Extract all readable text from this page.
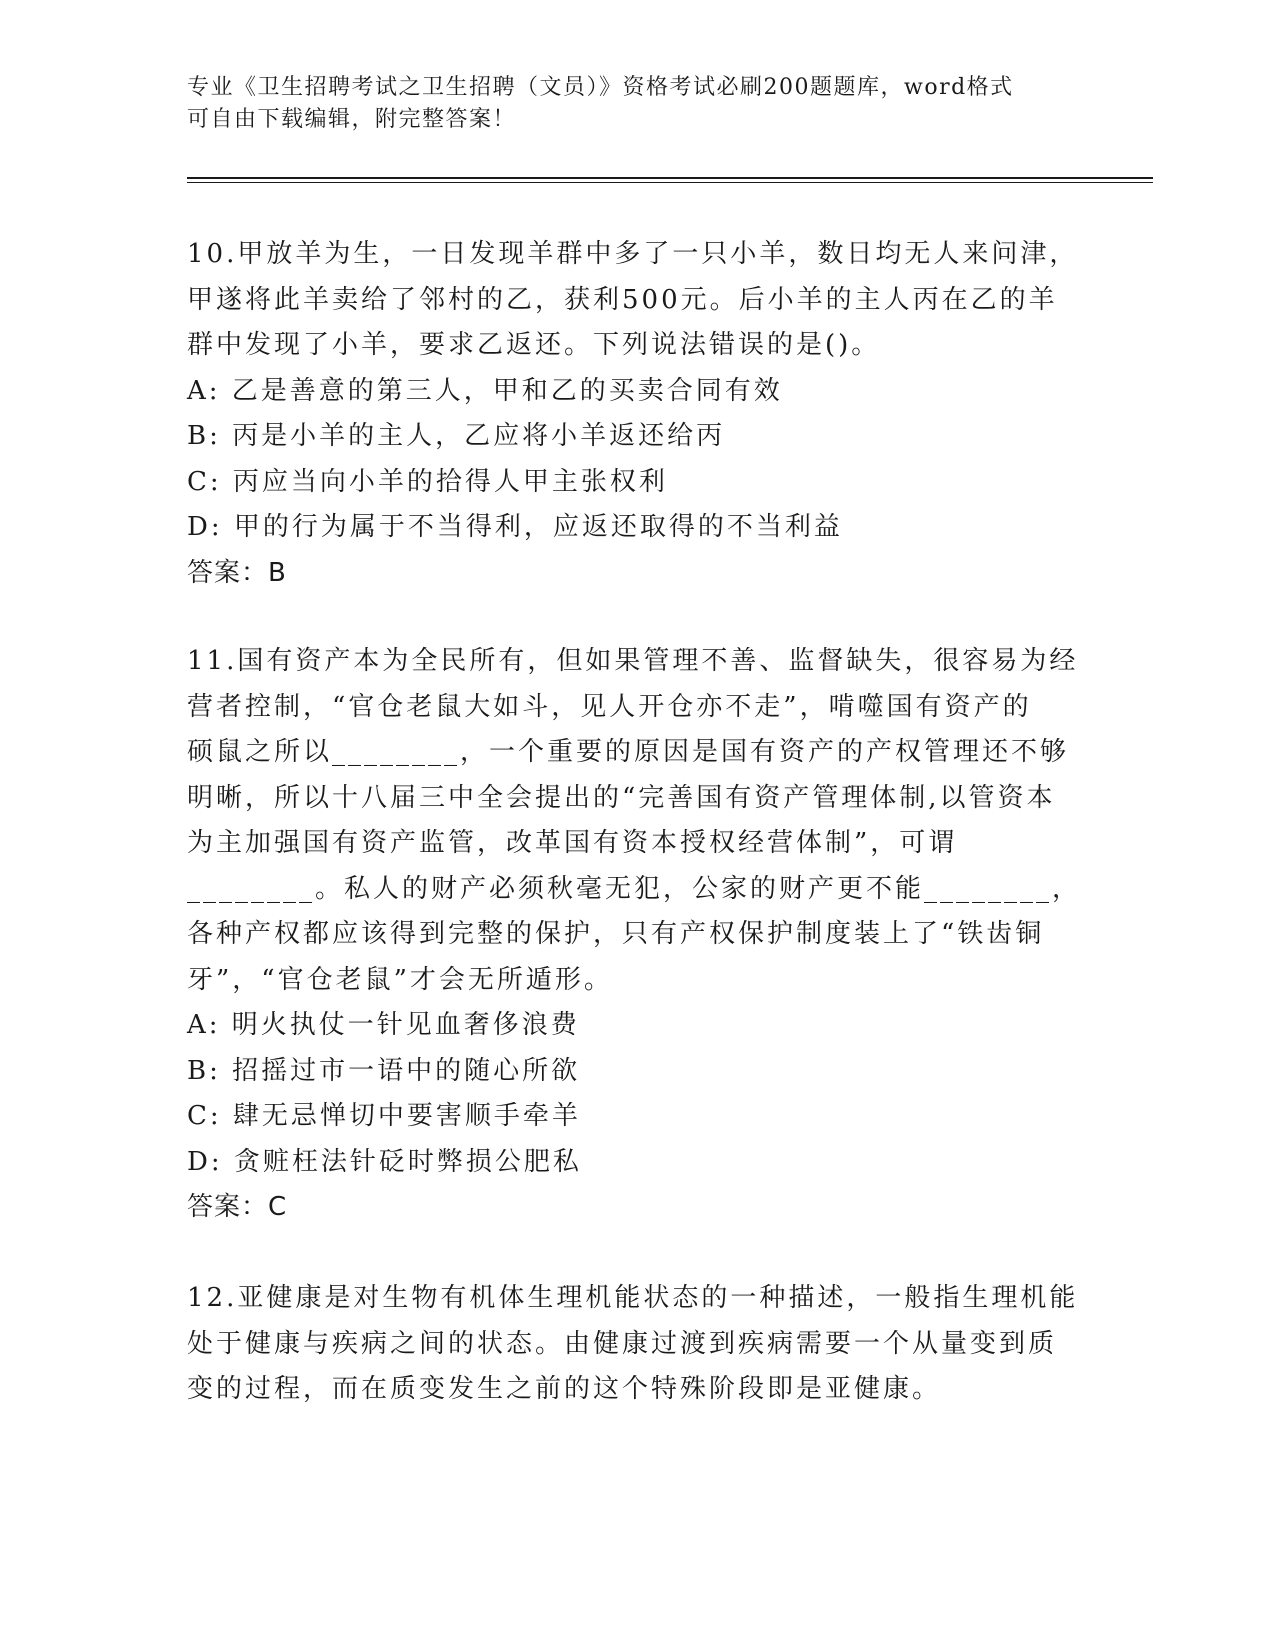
专业《卫生招聘考试之卫生招聘（文员）》资格考试必刷200题题库，word格式
可自由下载编辑，附完整答案！
10.甲放羊为生，一日发现羊群中多了一只小羊，数日均无人来问津，
甲遂将此羊卖给了邻村的乙，获利500元。后小羊的主人丙在乙的羊
群中发现了小羊，要求乙返还。下列说法错误的是()。
A: 乙是善意的第三人，甲和乙的买卖合同有效
B: 丙是小羊的主人，乙应将小羊返还给丙
C: 丙应当向小羊的拾得人甲主张权利
D: 甲的行为属于不当得利，应返还取得的不当利益
答案：B
11.国有资产本为全民所有，但如果管理不善、监督缺失，很容易为经
营者控制，“官仓老鼠大如斗，见人开仓亦不走”，啃噬国有资产的
硕鼠之所以________，一个重要的原因是国有资产的产权管理还不够
明晰，所以十八届三中全会提出的“完善国有资产管理体制,以管资本
为主加强国有资产监管，改革国有资本授权经营体制”，可谓
________。私人的财产必须秋毫无犯，公家的财产更不能________，
各种产权都应该得到完整的保护，只有产权保护制度装上了“铁齿铜
牙”，“官仓老鼠”才会无所遁形。
A: 明火执仗一针见血奢侈浪费
B: 招摇过市一语中的随心所欲
C: 肆无忌惮切中要害顺手牵羊
D: 贪赃枉法针砭时弊损公肥私
答案：C
12.亚健康是对生物有机体生理机能状态的一种描述，一般指生理机能
处于健康与疾病之间的状态。由健康过渡到疾病需要一个从量变到质
变的过程，而在质变发生之前的这个特殊阶段即是亚健康。
